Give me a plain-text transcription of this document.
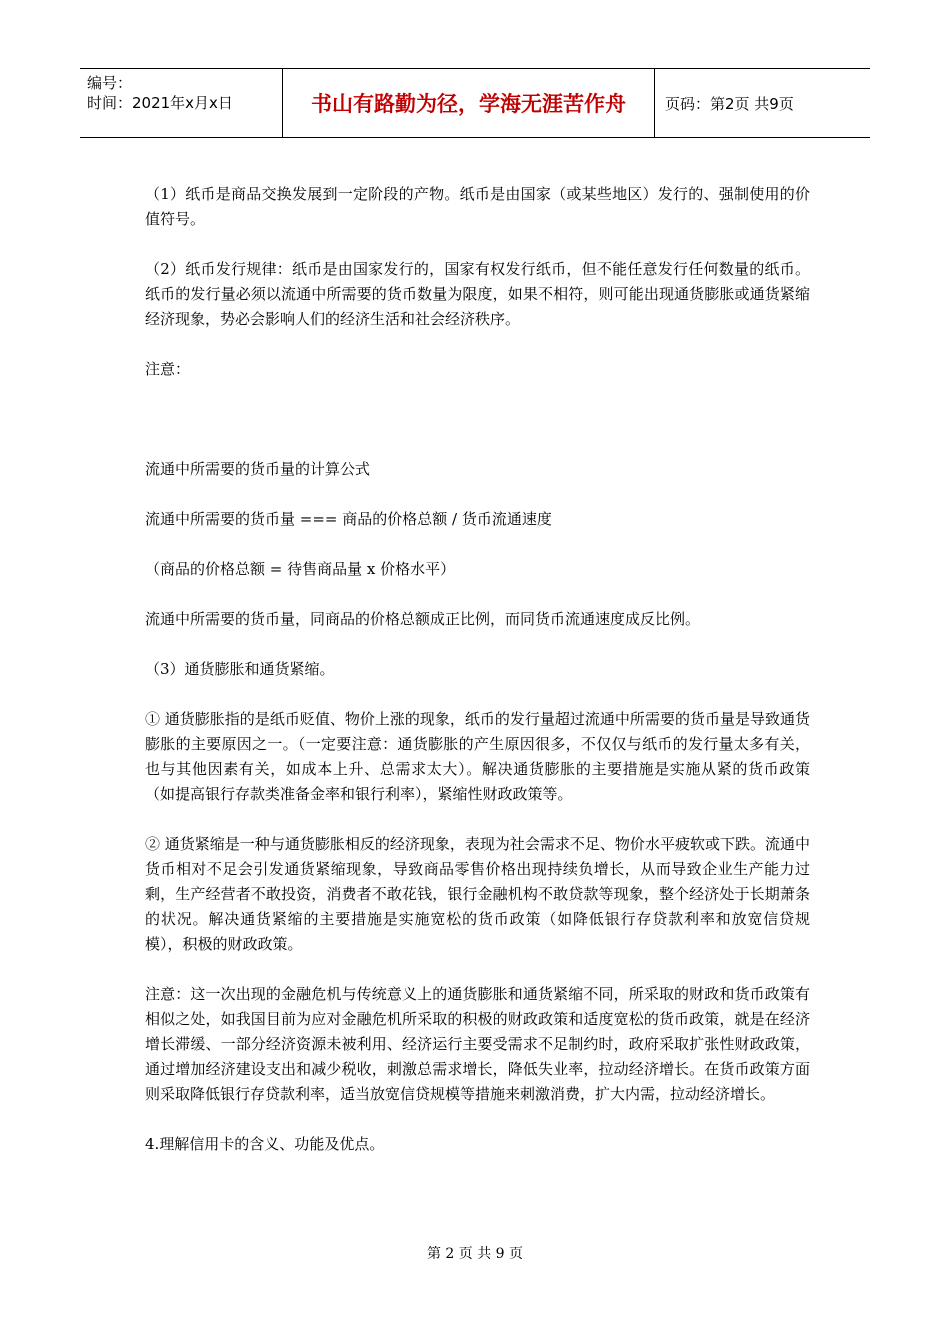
编号：
时间：2021年x月x日	书山有路勤为径，学海无涯苦作舟	页码：第2页 共9页

（1）纸币是商品交换发展到一定阶段的产物。纸币是由国家（或某些地区）发行的、强制使用的价值符号。

（2）纸币发行规律：纸币是由国家发行的，国家有权发行纸币，但不能任意发行任何数量的纸币。纸币的发行量必须以流通中所需要的货币数量为限度，如果不相符，则可能出现通货膨胀或通货紧缩经济现象，势必会影响人们的经济生活和社会经济秩序。

注意：

流通中所需要的货币量的计算公式

流通中所需要的货币量 === 商品的价格总额 / 货币流通速度

（商品的价格总额 = 待售商品量 x 价格水平）

流通中所需要的货币量，同商品的价格总额成正比例，而同货币流通速度成反比例。

（3）通货膨胀和通货紧缩。

① 通货膨胀指的是纸币贬值、物价上涨的现象，纸币的发行量超过流通中所需要的货币量是导致通货膨胀的主要原因之一。（一定要注意：通货膨胀的产生原因很多，不仅仅与纸币的发行量太多有关，也与其他因素有关，如成本上升、总需求太大）。解决通货膨胀的主要措施是实施从紧的货币政策（如提高银行存款类准备金率和银行利率），紧缩性财政政策等。

② 通货紧缩是一种与通货膨胀相反的经济现象，表现为社会需求不足、物价水平疲软或下跌。流通中货币相对不足会引发通货紧缩现象，导致商品零售价格出现持续负增长，从而导致企业生产能力过剩，生产经营者不敢投资，消费者不敢花钱，银行金融机构不敢贷款等现象，整个经济处于长期萧条的状况。解决通货紧缩的主要措施是实施宽松的货币政策（如降低银行存贷款利率和放宽信贷规模），积极的财政政策。

注意：这一次出现的金融危机与传统意义上的通货膨胀和通货紧缩不同，所采取的财政和货币政策有相似之处，如我国目前为应对金融危机所采取的积极的财政政策和适度宽松的货币政策，就是在经济增长滞缓、一部分经济资源未被利用、经济运行主要受需求不足制约时，政府采取扩张性财政政策，通过增加经济建设支出和减少税收，刺激总需求增长，降低失业率，拉动经济增长。在货币政策方面则采取降低银行存贷款利率，适当放宽信贷规模等措施来刺激消费，扩大内需，拉动经济增长。

4.理解信用卡的含义、功能及优点。

第 2 页 共 9 页
